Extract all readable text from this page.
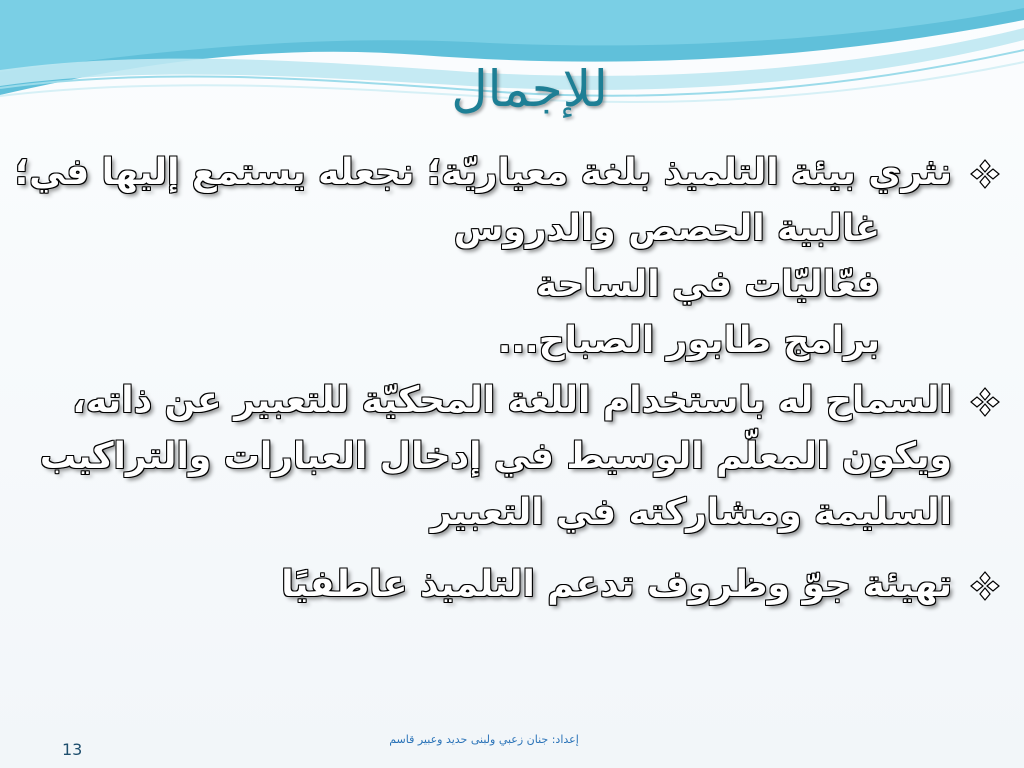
للإجمال
نثري بيئة التلميذ بلغة معياريّة؛ نجعله يستمع إليها في؛
غالبية الحصص والدروس
فعّاليّات في الساحة
برامج طابور الصباح...
السماح له باستخدام اللغة المحكيّة للتعبير عن ذاته،
ويكون المعلّم الوسيط في إدخال العبارات والتراكيب
السليمة ومشاركته في التعبير
تهيئة جوّ وظروف تدعم التلميذ عاطفيًا
إعداد: جنان زعبي ولبنى حديد وعبير قاسم
13
